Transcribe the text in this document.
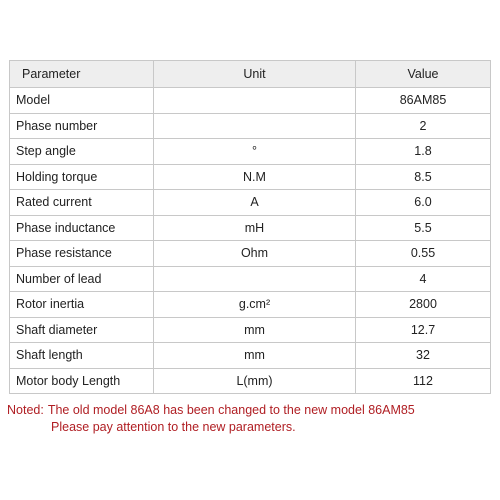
Parameter	Unit	Value
Model		86AM85
Phase number		2
Step angle	°	1.8
Holding torque	N.M	8.5
Rated current	A	6.0
Phase inductance	mH	5.5
Phase resistance	Ohm	0.55
Number of lead		4
Rotor inertia	g.cm²	2800
Shaft diameter	mm	12.7
Shaft length	mm	32
Motor body Length	L(mm)	112
Noted: The old model 86A8 has been changed to the new model 86AM85
Please pay attention to the new parameters.
